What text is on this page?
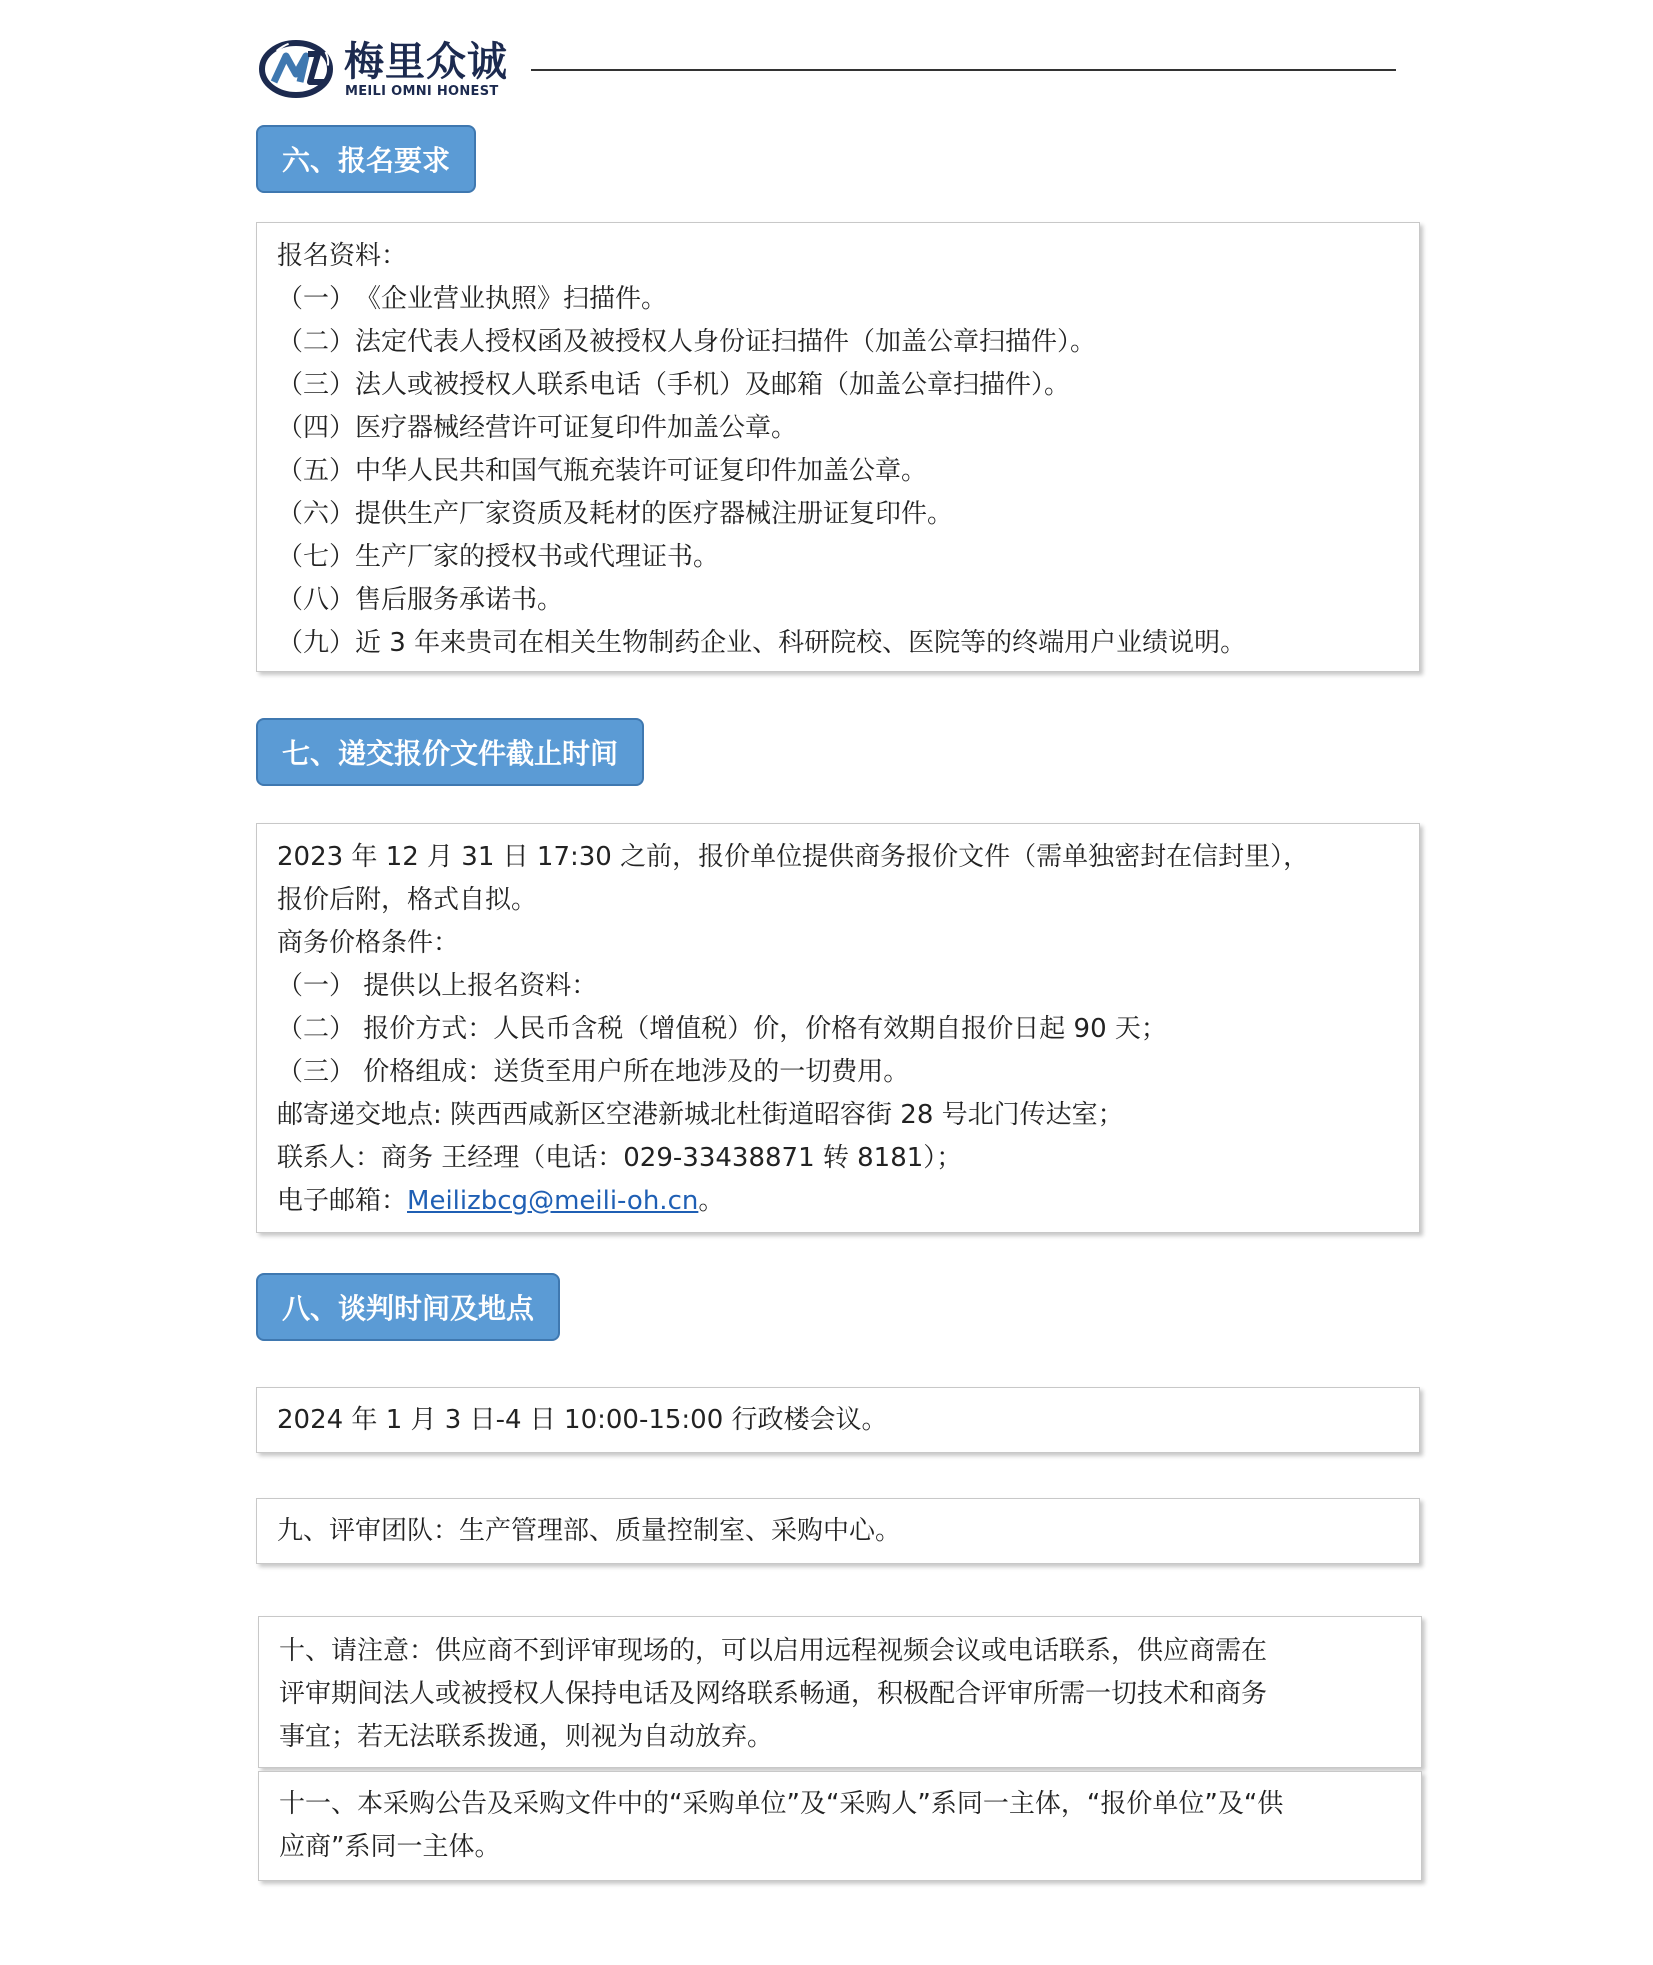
梅里众诚
MEILI OMNI HONEST
六、报名要求
报名资料：
（一）《企业营业执照》扫描件。
（二）法定代表人授权函及被授权人身份证扫描件（加盖公章扫描件）。
（三）法人或被授权人联系电话（手机）及邮箱（加盖公章扫描件）。
（四）医疗器械经营许可证复印件加盖公章。
（五）中华人民共和国气瓶充装许可证复印件加盖公章。
（六）提供生产厂家资质及耗材的医疗器械注册证复印件。
（七）生产厂家的授权书或代理证书。
（八）售后服务承诺书。
（九）近 3 年来贵司在相关生物制药企业、科研院校、医院等的终端用户业绩说明。
七、递交报价文件截止时间
2023 年 12 月 31 日 17:30 之前，报价单位提供商务报价文件（需单独密封在信封里），
报价后附，格式自拟。
商务价格条件：
（一） 提供以上报名资料：
（二） 报价方式：人民币含税（增值税）价，价格有效期自报价日起 90 天；
（三） 价格组成：送货至用户所在地涉及的一切费用。
邮寄递交地点: 陕西西咸新区空港新城北杜街道昭容街 28 号北门传达室；
联系人：商务 王经理（电话：029-33438871 转 8181）；
电子邮箱：Meilizbcg@meili-oh.cn。
八、谈判时间及地点
2024 年 1 月 3 日-4 日 10:00-15:00 行政楼会议。
九、评审团队：生产管理部、质量控制室、采购中心。
十、请注意：供应商不到评审现场的，可以启用远程视频会议或电话联系，供应商需在
评审期间法人或被授权人保持电话及网络联系畅通，积极配合评审所需一切技术和商务
事宜；若无法联系拨通，则视为自动放弃。
十一、本采购公告及采购文件中的“采购单位”及“采购人”系同一主体，“报价单位”及“供
应商”系同一主体。
